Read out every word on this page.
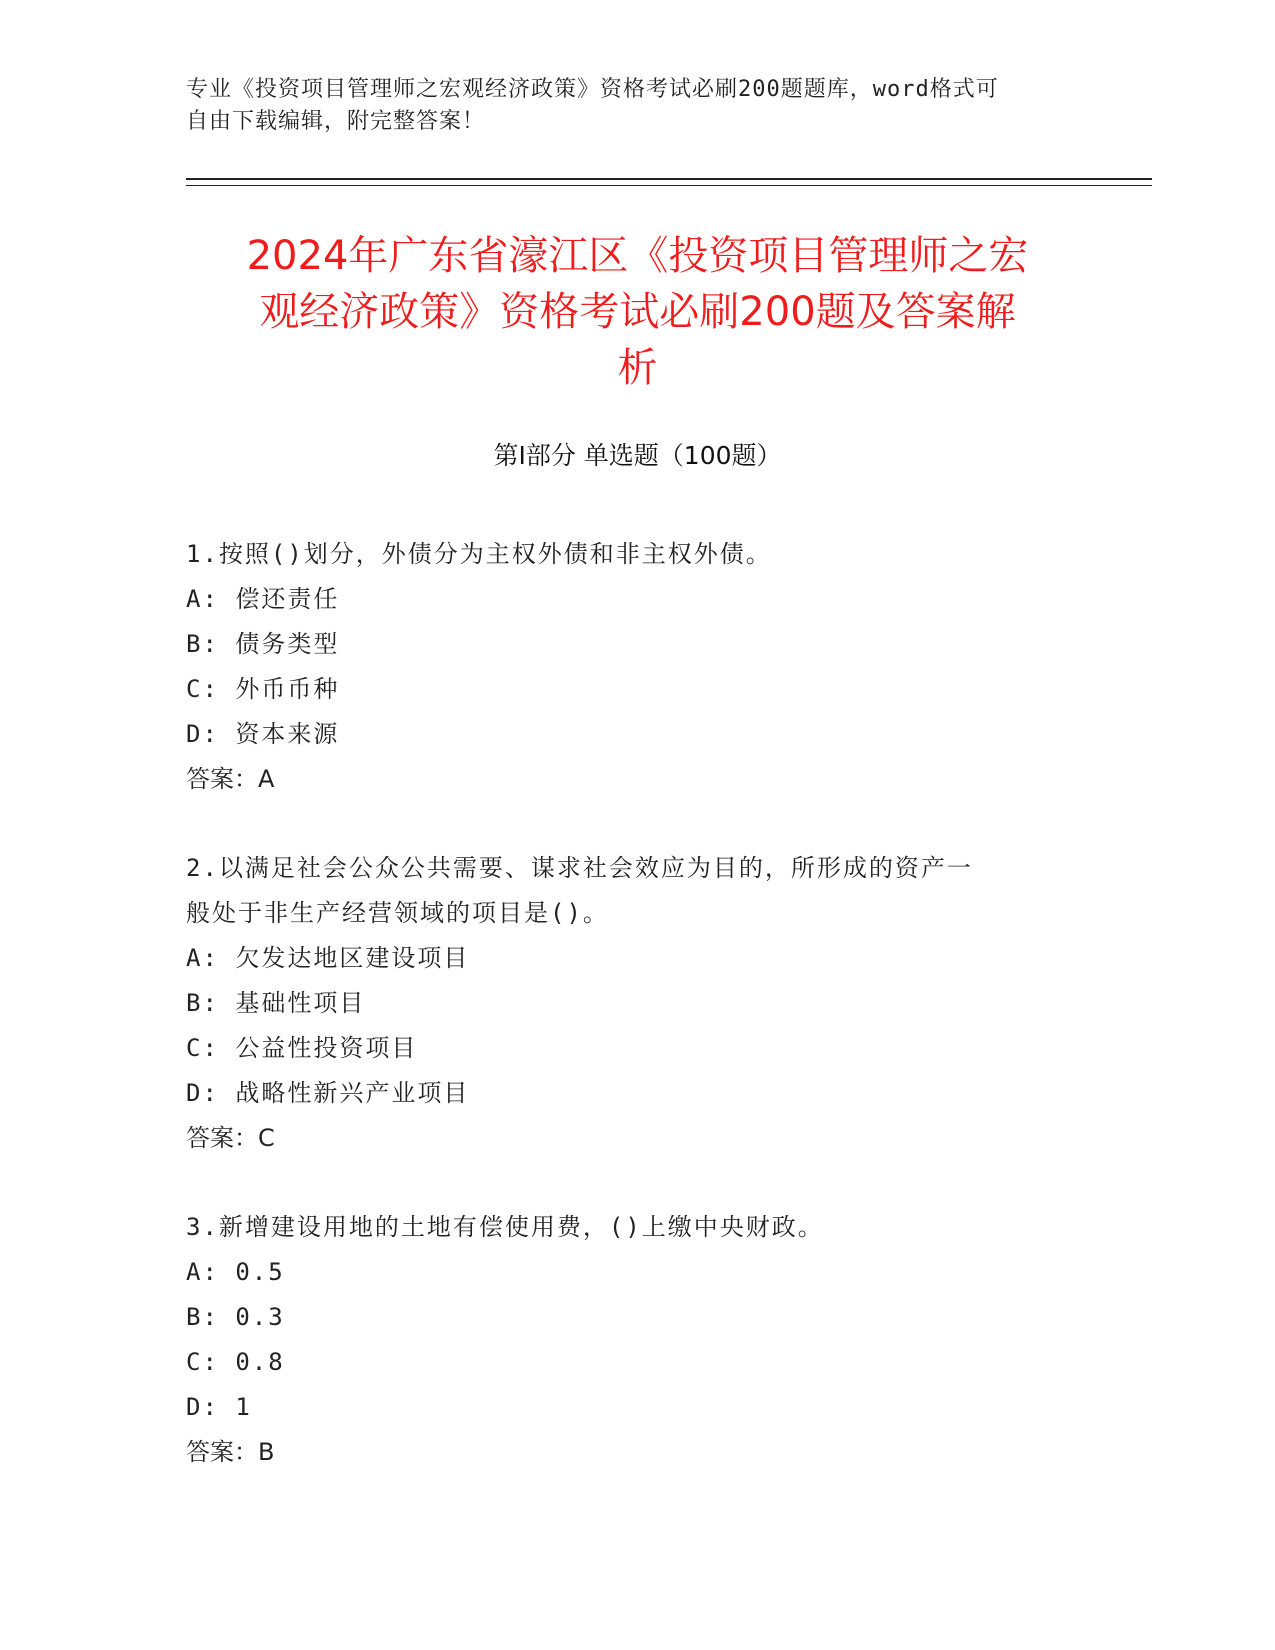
专业《投资项目管理师之宏观经济政策》资格考试必刷200题题库，word格式可
自由下载编辑，附完整答案！
2024年广东省濠江区《投资项目管理师之宏
观经济政策》资格考试必刷200题及答案解
析
第Ⅰ部分 单选题（100题）
1.按照()划分，外债分为主权外债和非主权外债。
A: 偿还责任
B: 债务类型
C: 外币币种
D: 资本来源
答案：A
2.以满足社会公众公共需要、谋求社会效应为目的，所形成的资产一
般处于非生产经营领域的项目是()。
A: 欠发达地区建设项目
B: 基础性项目
C: 公益性投资项目
D: 战略性新兴产业项目
答案：C
3.新增建设用地的土地有偿使用费，()上缴中央财政。
A: 0.5
B: 0.3
C: 0.8
D: 1
答案：B
